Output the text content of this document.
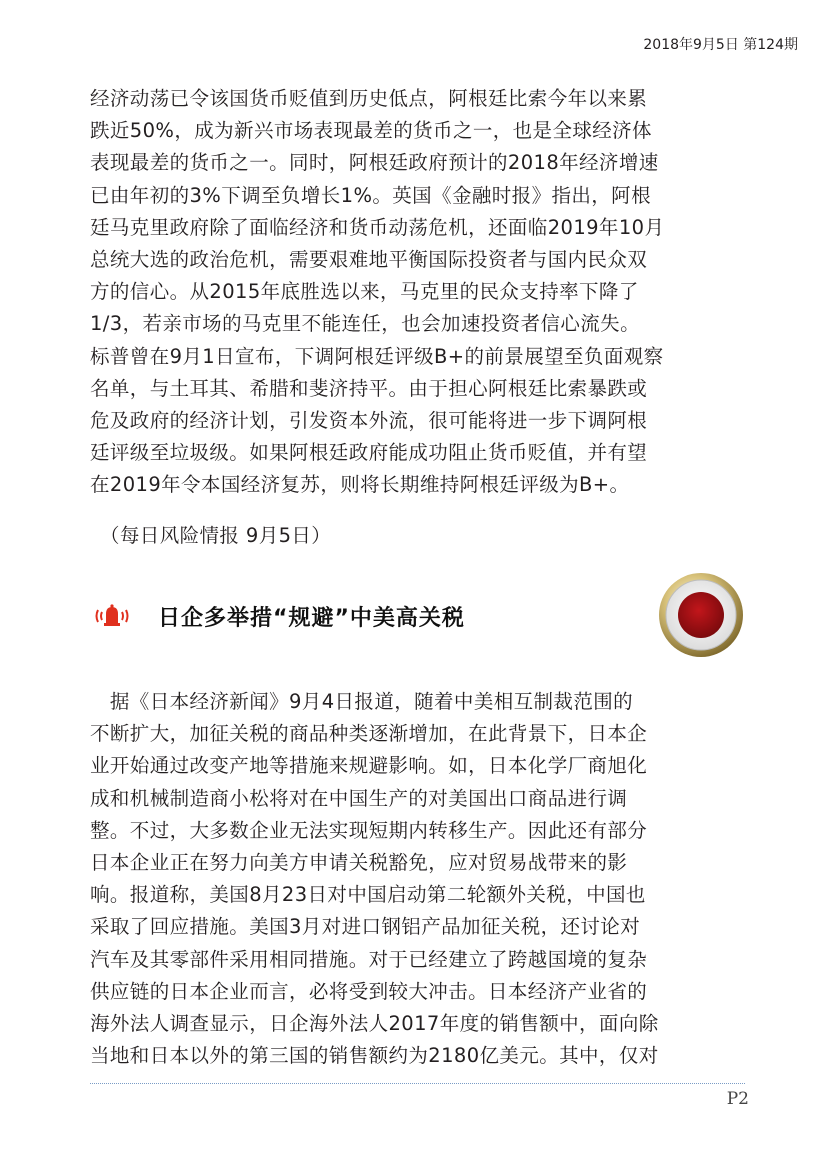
2018年9月5日 第124期
经济动荡已令该国货币贬值到历史低点，阿根廷比索今年以来累
跌近50%，成为新兴市场表现最差的货币之一，也是全球经济体
表现最差的货币之一。同时，阿根廷政府预计的2018年经济增速
已由年初的3%下调至负增长1%。英国《金融时报》指出，阿根
廷马克里政府除了面临经济和货币动荡危机，还面临2019年10月
总统大选的政治危机，需要艰难地平衡国际投资者与国内民众双
方的信心。从2015年底胜选以来，马克里的民众支持率下降了
1/3，若亲市场的马克里不能连任，也会加速投资者信心流失。
标普曾在9月1日宣布，下调阿根廷评级B+的前景展望至负面观察
名单，与土耳其、希腊和斐济持平。由于担心阿根廷比索暴跌或
危及政府的经济计划，引发资本外流，很可能将进一步下调阿根
廷评级至垃圾级。如果阿根廷政府能成功阻止货币贬值，并有望
在2019年令本国经济复苏，则将长期维持阿根廷评级为B+。
（每日风险情报 9月5日）
日企多举措“规避”中美高关税
　据《日本经济新闻》9月4日报道，随着中美相互制裁范围的
不断扩大，加征关税的商品种类逐渐增加，在此背景下，日本企
业开始通过改变产地等措施来规避影响。如，日本化学厂商旭化
成和机械制造商小松将对在中国生产的对美国出口商品进行调
整。不过，大多数企业无法实现短期内转移生产。因此还有部分
日本企业正在努力向美方申请关税豁免，应对贸易战带来的影
响。报道称，美国8月23日对中国启动第二轮额外关税，中国也
采取了回应措施。美国3月对进口钢铝产品加征关税，还讨论对
汽车及其零部件采用相同措施。对于已经建立了跨越国境的复杂
供应链的日本企业而言，必将受到较大冲击。日本经济产业省的
海外法人调查显示，日企海外法人2017年度的销售额中，面向除
当地和日本以外的第三国的销售额约为2180亿美元。其中，仅对
P2
